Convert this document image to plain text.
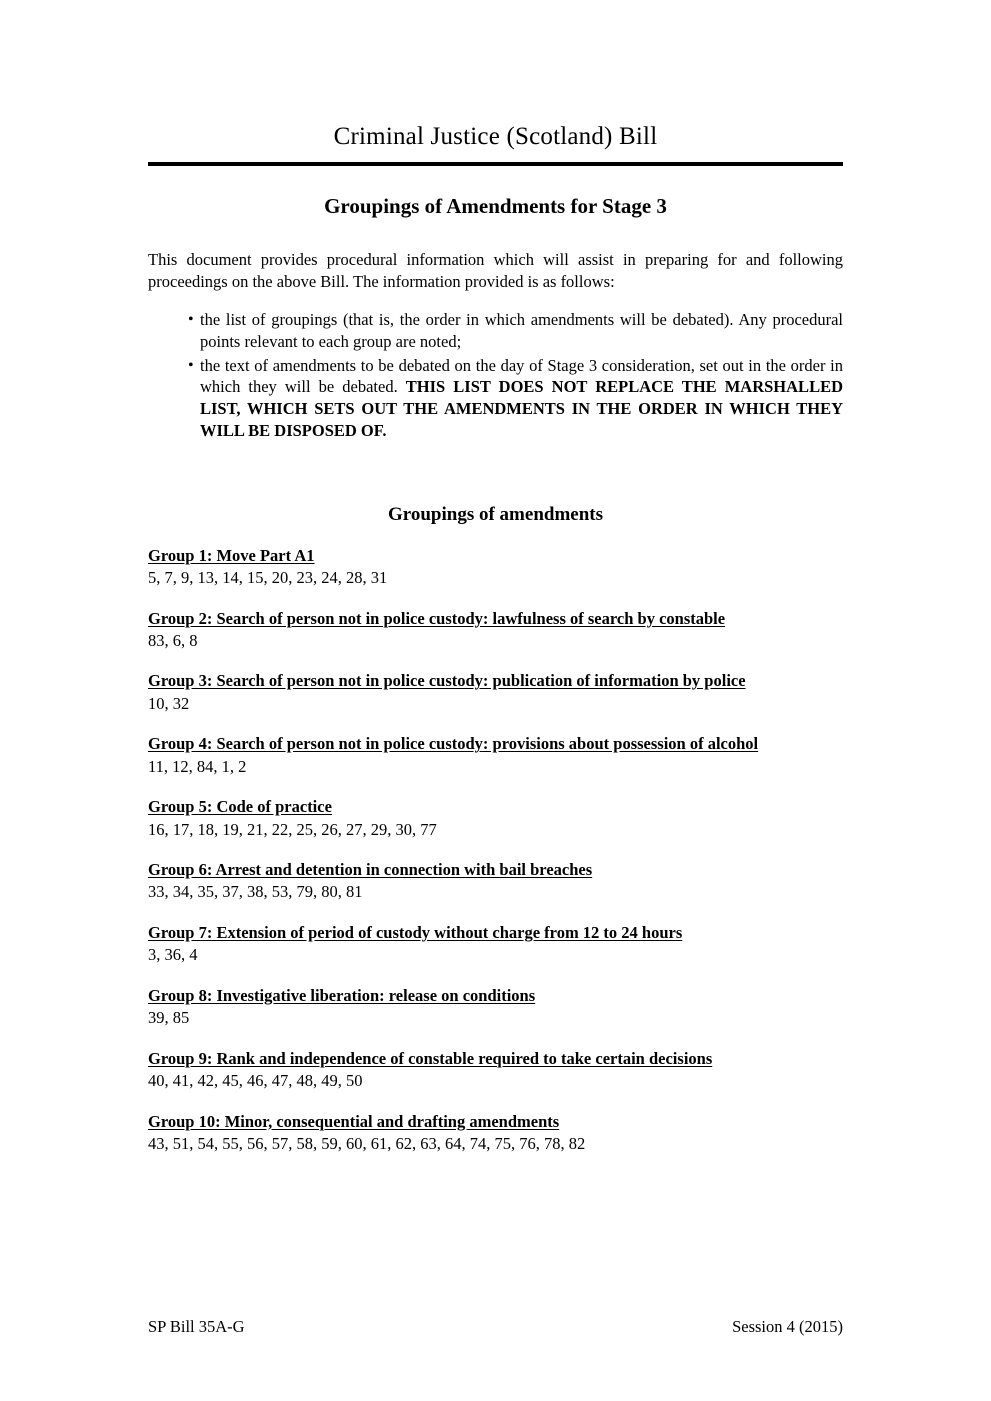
Criminal Justice (Scotland) Bill
Groupings of Amendments for Stage 3

This document provides procedural information which will assist in preparing for and following proceedings on the above Bill. The information provided is as follows:

• the list of groupings (that is, the order in which amendments will be debated). Any procedural points relevant to each group are noted;
• the text of amendments to be debated on the day of Stage 3 consideration, set out in the order in which they will be debated. THIS LIST DOES NOT REPLACE THE MARSHALLED LIST, WHICH SETS OUT THE AMENDMENTS IN THE ORDER IN WHICH THEY WILL BE DISPOSED OF.
Groupings of amendments
Group 1: Move Part A1
5, 7, 9, 13, 14, 15, 20, 23, 24, 28, 31
Group 2: Search of person not in police custody: lawfulness of search by constable
83, 6, 8
Group 3: Search of person not in police custody: publication of information by police
10, 32
Group 4: Search of person not in police custody: provisions about possession of alcohol
11, 12, 84, 1, 2
Group 5: Code of practice
16, 17, 18, 19, 21, 22, 25, 26, 27, 29, 30, 77
Group 6: Arrest and detention in connection with bail breaches
33, 34, 35, 37, 38, 53, 79, 80, 81
Group 7: Extension of period of custody without charge from 12 to 24 hours
3, 36, 4
Group 8: Investigative liberation: release on conditions
39, 85
Group 9: Rank and independence of constable required to take certain decisions
40, 41, 42, 45, 46, 47, 48, 49, 50
Group 10: Minor, consequential and drafting amendments
43, 51, 54, 55, 56, 57, 58, 59, 60, 61, 62, 63, 64, 74, 75, 76, 78, 82
SP Bill 35A-G	Session 4 (2015)
